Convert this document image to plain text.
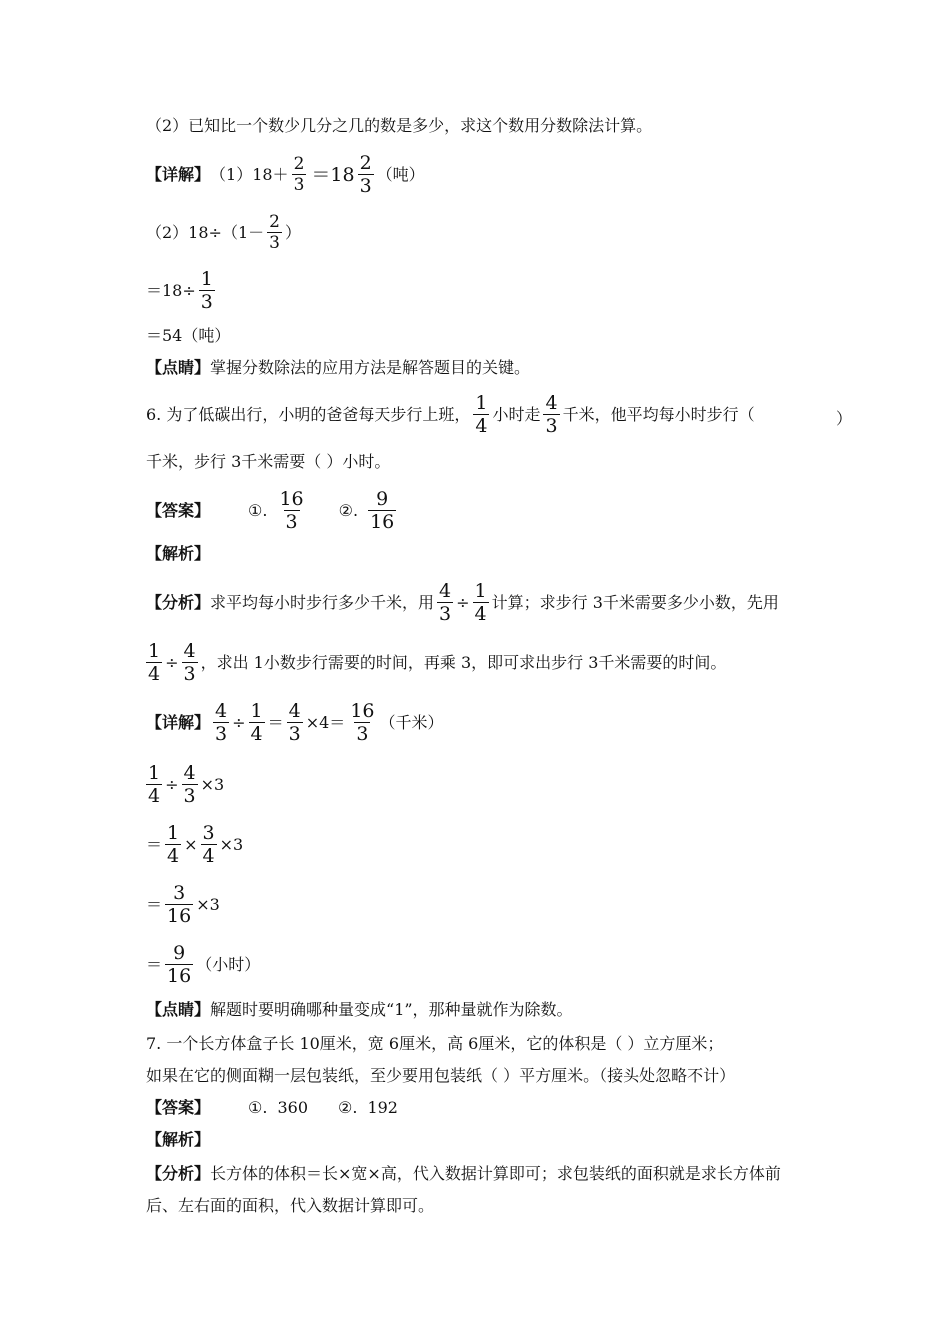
（2）已知比一个数少几分之几的数是多少，求这个数用分数除法计算。
【详解】 $(1)18+ \frac{2}{3} =18 \frac{2}{3}$ （吨）
$(2)18\div(1- \frac{2}{3}$ ）
$=18\div \frac{1}{3}$
＝54（吨）
【点睛】 掌握分数除法的应用方法是解答题目的关键。
6. 为了低碳出行，小明的爸爸每天步行上班， $\frac{1}{4}$ 小时走 $\frac{4}{3}$ 千米，他平均每小时步行（	）
千米，步行 3千米需要（ ）小时。
【答案】 ①. $\frac{16}{3}$ ②. $\frac{9}{16}$
【解析】
【分析】 求平均每小时步行多少千米，用 $\frac{4}{3} \div \frac{1}{4}$ 计算；求步行 3千米需要多少小数，先用
$\frac{1}{4} \div \frac{4}{3}$ ，求出 1小数步行需要的时间，再乘 3，即可求出步行 3千米需要的时间。
【详解】 $\frac{4}{3} \div \frac{1}{4} = \frac{4}{3} \times 4= \frac{16}{3}$ （千米）
$\frac{1}{4} \div \frac{4}{3} \times 3$
＝ $\frac{1}{4} \times \frac{3}{4} \times 3$
＝ $\frac{3}{16} \times 3$
＝ $\frac{9}{16}$ （小时）
【点睛】 解题时要明确哪种量变成“1”，那种量就作为除数。
7. 一个长方体盒子长 10厘米，宽 6厘米，高 6厘米，它的体积是（ ）立方厘米；
如果在它的侧面糊一层包装纸，至少要用包装纸（ ）平方厘米。（接头处忽略不计）
【答案】 ①. 360 ②. 192
【解析】
【分析】 长方体的体积＝长×宽×高，代入数据计算即可；求包装纸的面积就是求长方体前
后、左右面的面积，代入数据计算即可。
